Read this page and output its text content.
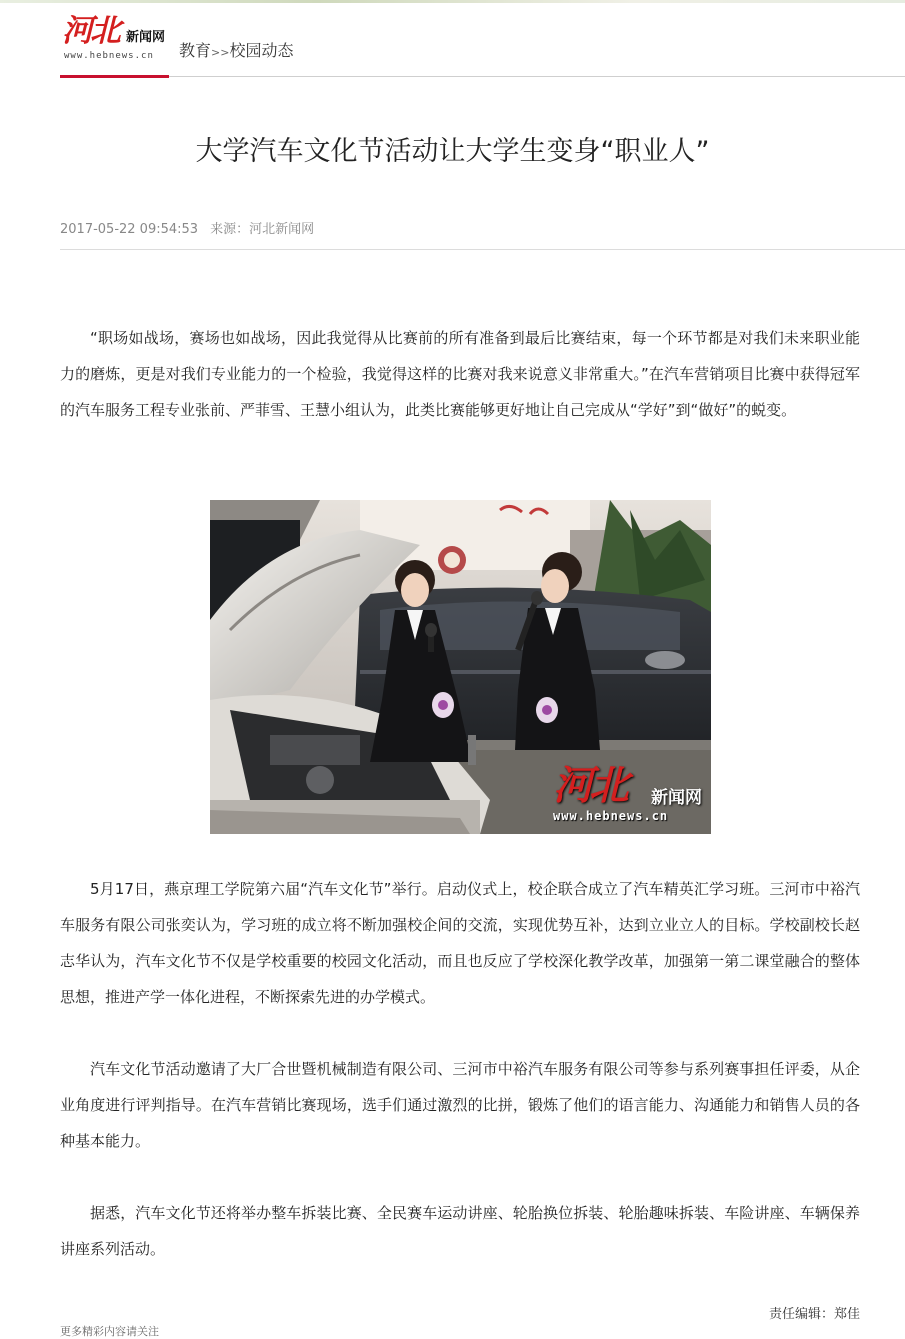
河北 新闻网
www.hebnews.cn 教育>>校园动态
大学汽车文化节活动让大学生变身“职业人”
2017-05-22 09:54:53 来源：河北新闻网

“职场如战场，赛场也如战场，因此我觉得从比赛前的所有准备到最后比赛结束，每一个环节都是对我们未来职业能力的磨炼，更是对我们专业能力的一个检验，我觉得这样的比赛对我来说意义非常重大。”在汽车营销项目比赛中获得冠军的汽车服务工程专业张前、严菲雪、王慧小组认为，此类比赛能够更好地让自己完成从“学好”到“做好”的蜕变。

河北	新闻网
www.hebnews.cn

5月17日，燕京理工学院第六届“汽车文化节”举行。启动仪式上，校企联合成立了汽车精英汇学习班。三河市中裕汽车服务有限公司张奕认为，学习班的成立将不断加强校企间的交流，实现优势互补，达到立业立人的目标。学校副校长赵志华认为，汽车文化节不仅是学校重要的校园文化活动，而且也反应了学校深化教学改革，加强第一第二课堂融合的整体思想，推进产学一体化进程，不断探索先进的办学模式。

汽车文化节活动邀请了大厂合世暨机械制造有限公司、三河市中裕汽车服务有限公司等参与系列赛事担任评委，从企业角度进行评判指导。在汽车营销比赛现场，选手们通过激烈的比拼，锻炼了他们的语言能力、沟通能力和销售人员的各种基本能力。

据悉，汽车文化节还将举办整车拆装比赛、全民赛车运动讲座、轮胎换位拆装、轮胎趣味拆装、车险讲座、车辆保养讲座系列活动。

责任编辑：郑佳
更多精彩内容请关注
